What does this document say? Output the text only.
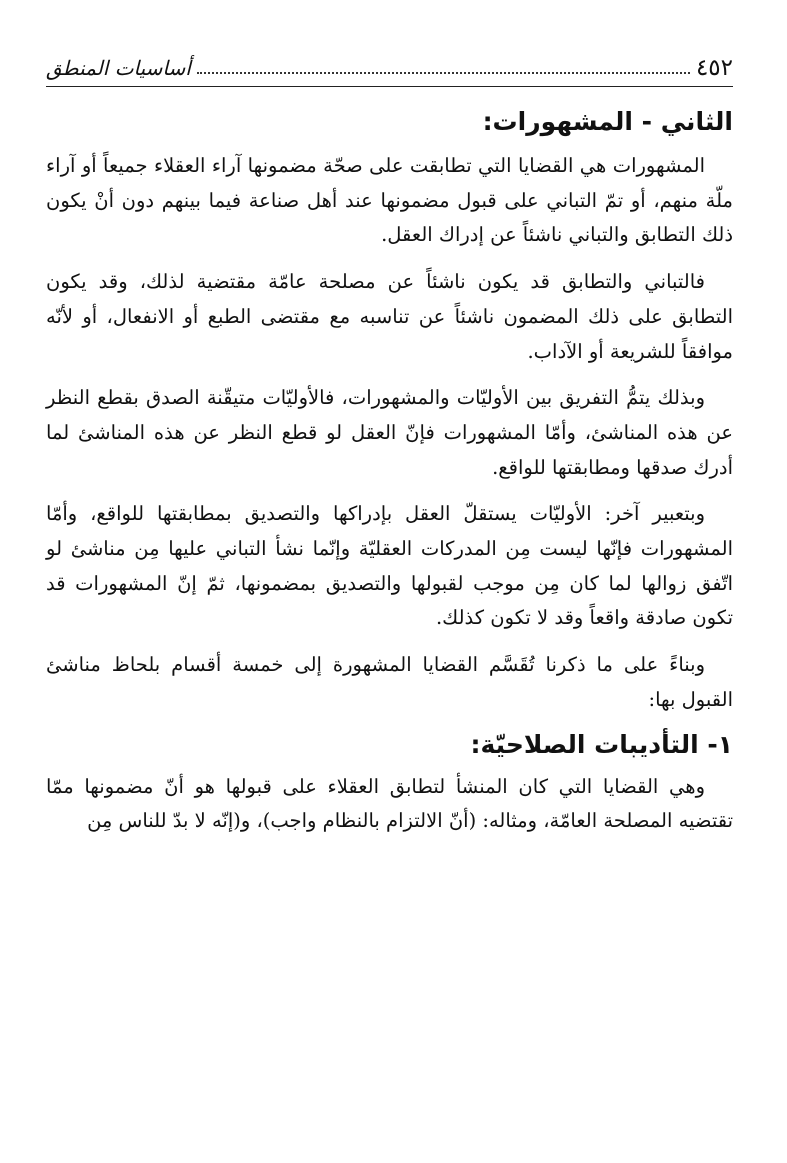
٤٥٢
أساسيات المنطق
الثاني - المشهورات:

المشهورات هي القضايا التي تطابقت على صحّة مضمونها آراء العقلاء جميعاً أو آراء ملّة منهم، أو تمّ التباني على قبول مضمونها عند أهل صناعة فيما بينهم دون أنْ يكون ذلك التطابق والتباني ناشئاً عن إدراك العقل.

فالتباني والتطابق قد يكون ناشئاً عن مصلحة عامّة مقتضية لذلك، وقد يكون التطابق على ذلك المضمون ناشئاً عن تناسبه مع مقتضى الطبع أو الانفعال، أو لأنّه موافقاً للشريعة أو الآداب.

وبذلك يتمُّ التفريق بين الأوليّات والمشهورات، فالأوليّات متيقّنة الصدق بقطع النظر عن هذه المناشئ، وأمّا المشهورات فإنّ العقل لو قطع النظر عن هذه المناشئ لما أدرك صدقها ومطابقتها للواقع.

وبتعبير آخر: الأوليّات يستقلّ العقل بإدراكها والتصديق بمطابقتها للواقع، وأمّا المشهورات فإنّها ليست مِن المدركات العقليّة وإنّما نشأ التباني عليها مِن مناشئ لو اتّفق زوالها لما كان مِن موجب لقبولها والتصديق بمضمونها، ثمّ إنّ المشهورات قد تكون صادقة واقعاً وقد لا تكون كذلك.

وبناءً على ما ذكرنا تُقَسَّم القضايا المشهورة إلى خمسة أقسام بلحاظ مناشئ القبول بها:

١- التأديبات الصلاحيّة:

وهي القضايا التي كان المنشأ لتطابق العقلاء على قبولها هو أنّ مضمونها ممّا تقتضيه المصلحة العامّة، ومثاله: (أنّ الالتزام بالنظام واجب)، و(إنّه لا بدّ للناس مِن
